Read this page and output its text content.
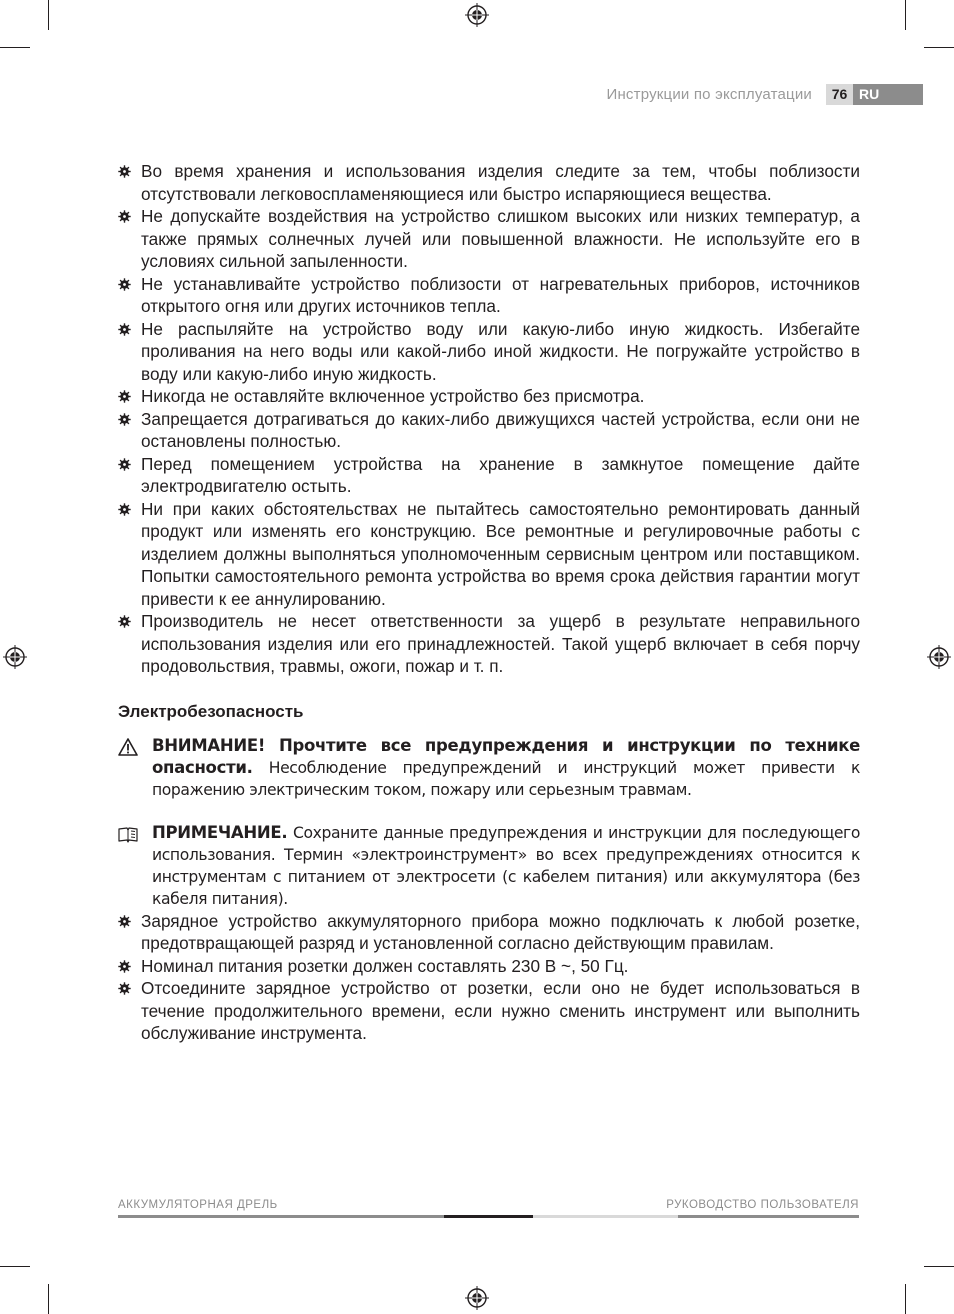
Инструкции по эксплуатации	76 RU
Во время хранения и использования изделия следите за тем, чтобы поблизости отсутствовали легковоспламеняющиеся или быстро испаряющиеся вещества.
Не допускайте воздействия на устройство слишком высоких или низких температур, а также прямых солнечных лучей или повышенной влажности. Не используйте его в условиях сильной запыленности.
Не устанавливайте устройство поблизости от нагревательных приборов, источников открытого огня или других источников тепла.
Не распыляйте на устройство воду или какую-либо иную жидкость. Избегайте проливания на него воды или какой-либо иной жидкости. Не погружайте устройство в воду или какую-либо иную жидкость.
Никогда не оставляйте включенное устройство без присмотра.
Запрещается дотрагиваться до каких-либо движущихся частей устройства, если они не остановлены полностью.
Перед помещением устройства на хранение в замкнутое помещение дайте электродвигателю остыть.
Ни при каких обстоятельствах не пытайтесь самостоятельно ремонтировать данный продукт или изменять его конструкцию. Все ремонтные и регулировочные работы с изделием должны выполняться уполномоченным сервисным центром или поставщиком. Попытки самостоятельного ремонта устройства во время срока действия гарантии могут привести к ее аннулированию.
Производитель не несет ответственности за ущерб в результате неправильного использования изделия или его принадлежностей. Такой ущерб включает в себя порчу продовольствия, травмы, ожоги, пожар и т. п.
Электробезопасность
ВНИМАНИЕ! Прочтите все предупреждения и инструкции по технике опасности. Несоблюдение предупреждений и инструкций может привести к поражению электрическим током, пожару или серьезным травмам.
ПРИМЕЧАНИЕ. Сохраните данные предупреждения и инструкции для последующего использования. Термин «электроинструмент» во всех предупреждениях относится к инструментам с питанием от электросети (с кабелем питания) или аккумулятора (без кабеля питания).
Зарядное устройство аккумуляторного прибора можно подключать к любой розетке, предотвращающей разряд и установленной согласно действующим правилам.
Номинал питания розетки должен составлять 230 В ~, 50 Гц.
Отсоедините зарядное устройство от розетки, если оно не будет использоваться в течение продолжительного времени, если нужно сменить инструмент или выполнить обслуживание инструмента.
АККУМУЛЯТОРНАЯ ДРЕЛЬ	РУКОВОДСТВО ПОЛЬЗОВАТЕЛЯ
